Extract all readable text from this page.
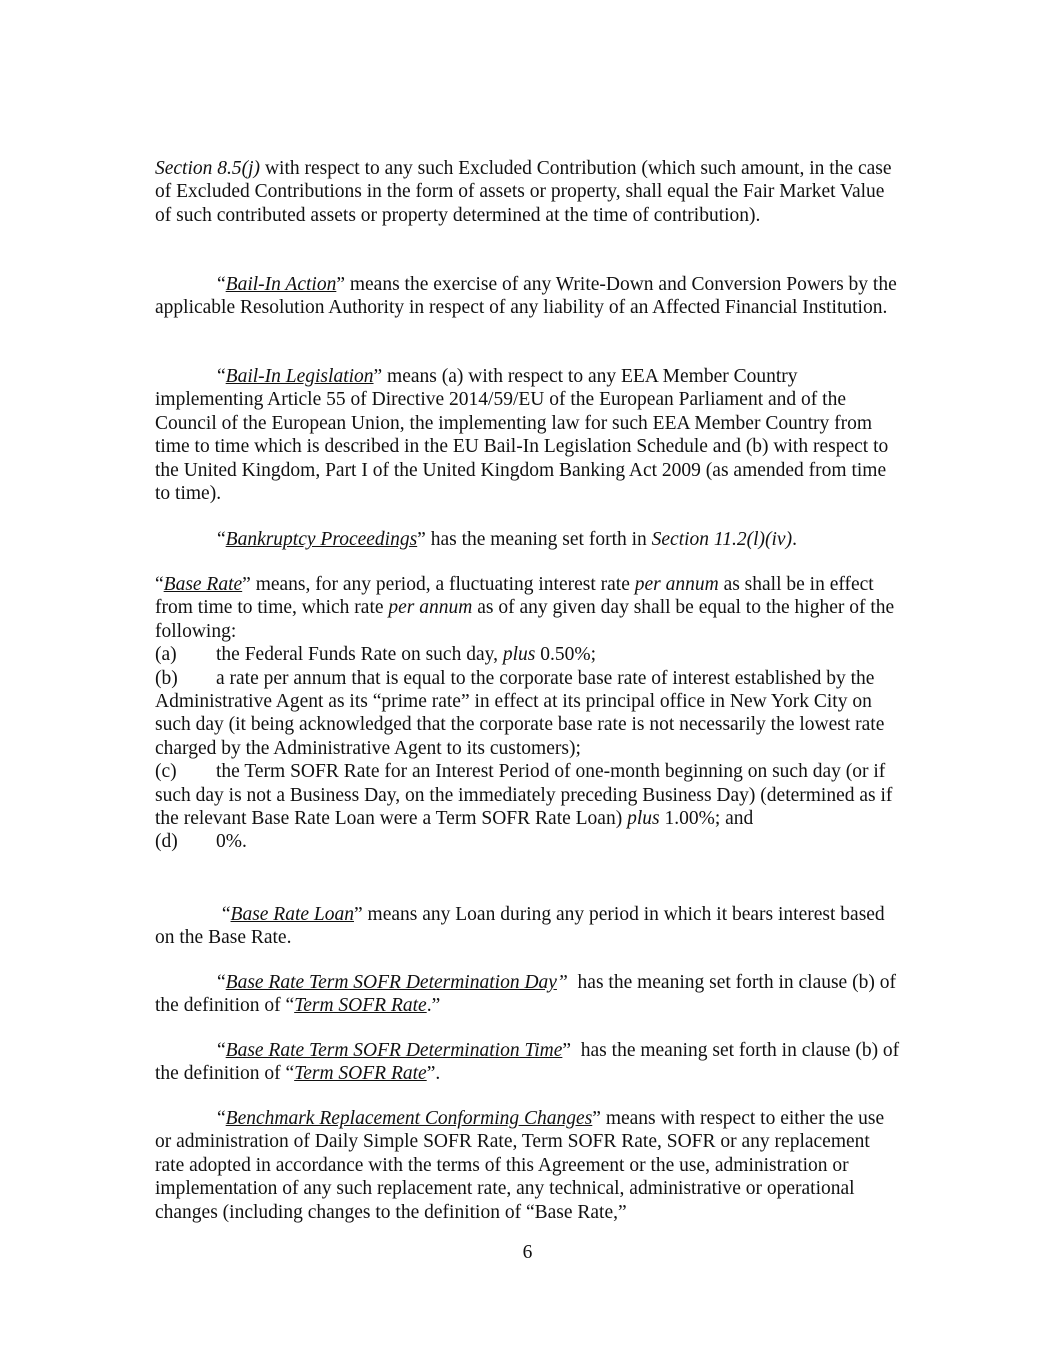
Section 8.5(j) with respect to any such Excluded Contribution (which such amount, in the case of Excluded Contributions in the form of assets or property, shall equal the Fair Market Value of such contributed assets or property determined at the time of contribution).

“Bail-In Action” means the exercise of any Write-Down and Conversion Powers by the applicable Resolution Authority in respect of any liability of an Affected Financial Institution.

“Bail-In Legislation” means (a) with respect to any EEA Member Country implementing Article 55 of Directive 2014/59/EU of the European Parliament and of the Council of the European Union, the implementing law for such EEA Member Country from time to time which is described in the EU Bail-In Legislation Schedule and (b) with respect to the United Kingdom, Part I of the United Kingdom Banking Act 2009 (as amended from time to time).

“Bankruptcy Proceedings” has the meaning set forth in Section 11.2(l)(iv).

“Base Rate” means, for any period, a fluctuating interest rate per annum as shall be in effect from time to time, which rate per annum as of any given day shall be equal to the higher of the following:

(a) the Federal Funds Rate on such day, plus 0.50%;
(b) a rate per annum that is equal to the corporate base rate of interest established by the Administrative Agent as its “prime rate” in effect at its principal office in New York City on such day (it being acknowledged that the corporate base rate is not necessarily the lowest rate charged by the Administrative Agent to its customers);
(c) the Term SOFR Rate for an Interest Period of one-month beginning on such day (or if such day is not a Business Day, on the immediately preceding Business Day) (determined as if the relevant Base Rate Loan were a Term SOFR Rate Loan) plus 1.00%; and
(d) 0%.

“Base Rate Loan” means any Loan during any period in which it bears interest based on the Base Rate.

“Base Rate Term SOFR Determination Day”  has the meaning set forth in clause (b) of the definition of “Term SOFR Rate.”

“Base Rate Term SOFR Determination Time”  has the meaning set forth in clause (b) of the definition of “Term SOFR Rate”.

“Benchmark Replacement Conforming Changes” means with respect to either the use or administration of Daily Simple SOFR Rate, Term SOFR Rate, SOFR or any replacement rate adopted in accordance with the terms of this Agreement or the use, administration or implementation of any such replacement rate, any technical, administrative or operational changes (including changes to the definition of “Base Rate,”

6
